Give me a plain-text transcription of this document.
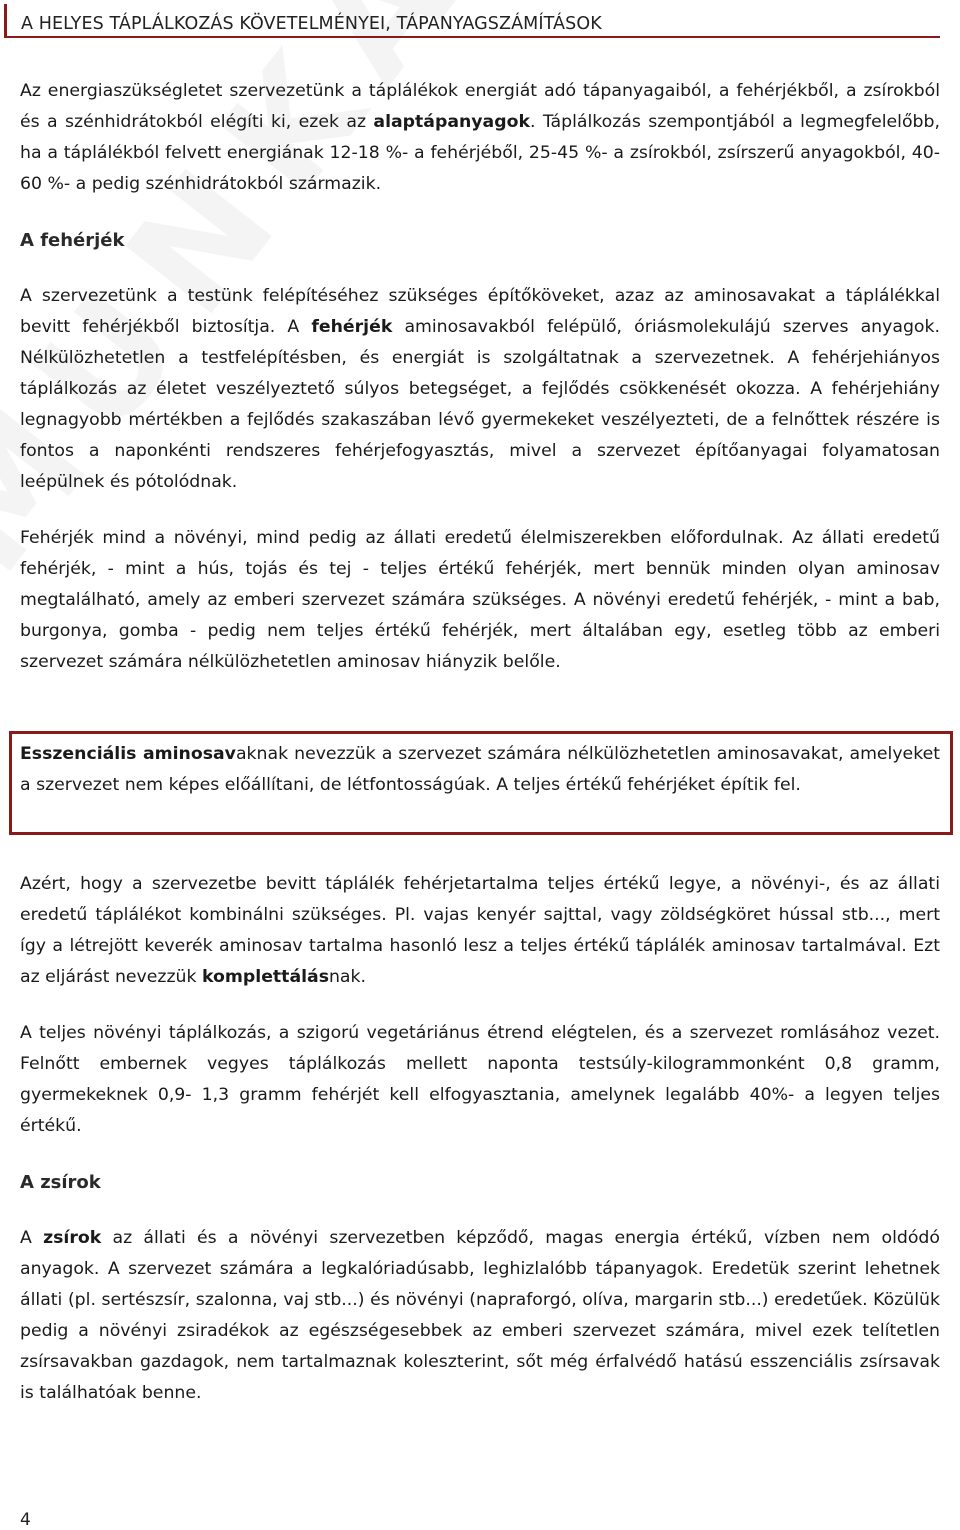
A HELYES TÁPLÁLKOZÁS KÖVETELMÉNYEI, TÁPANYAGSZÁMÍTÁSOK

Az energiaszükségletet szervezetünk a táplálékok energiát adó tápanyagaiból, a fehérjékből, a zsírokból és a szénhidrátokból elégíti ki, ezek az alaptápanyagok. Táplálkozás szempontjából a legmegfelelőbb, ha a táplálékból felvett energiának 12-18 %- a fehérjéből, 25-45 %- a zsírokból, zsírszerű anyagokból, 40-60 %- a pedig szénhidrátokból származik.

A fehérjék

A szervezetünk a testünk felépítéséhez szükséges építőköveket, azaz az aminosavakat a táplálékkal bevitt fehérjékből biztosítja. A fehérjék aminosavakból felépülő, óriásmolekulájú szerves anyagok. Nélkülözhetetlen a testfelépítésben, és energiát is szolgáltatnak a szervezetnek. A fehérjehiányos táplálkozás az életet veszélyeztető súlyos betegséget, a fejlődés csökkenését okozza. A fehérjehiány legnagyobb mértékben a fejlődés szakaszában lévő gyermekeket veszélyezteti, de a felnőttek részére is fontos a naponkénti rendszeres fehérjefogyasztás, mivel a szervezet építőanyagai folyamatosan leépülnek és pótolódnak.

Fehérjék mind a növényi, mind pedig az állati eredetű élelmiszerekben előfordulnak. Az állati eredetű fehérjék, - mint a hús, tojás és tej - teljes értékű fehérjék, mert bennük minden olyan aminosav megtalálható, amely az emberi szervezet számára szükséges. A növényi eredetű fehérjék, - mint a bab, burgonya, gomba - pedig nem teljes értékű fehérjék, mert általában egy, esetleg több az emberi szervezet számára nélkülözhetetlen aminosav hiányzik belőle.

Esszenciális aminosavaknak nevezzük a szervezet számára nélkülözhetetlen aminosavakat, amelyeket a szervezet nem képes előállítani, de létfontosságúak. A teljes értékű fehérjéket építik fel.

Azért, hogy a szervezetbe bevitt táplálék fehérjetartalma teljes értékű legye, a növényi-, és az állati eredetű táplálékot kombinálni szükséges. Pl. vajas kenyér sajttal, vagy zöldségköret hússal stb..., mert így a létrejött keverék aminosav tartalma hasonló lesz a teljes értékű táplálék aminosav tartalmával. Ezt az eljárást nevezzük komplettálásnak.

A teljes növényi táplálkozás, a szigorú vegetáriánus étrend elégtelen, és a szervezet romlásához vezet. Felnőtt embernek vegyes táplálkozás mellett naponta testsúly-kilogrammonként 0,8 gramm, gyermekeknek 0,9- 1,3 gramm fehérjét kell elfogyasztania, amelynek legalább 40%- a legyen teljes értékű.

A zsírok

A zsírok az állati és a növényi szervezetben képződő, magas energia értékű, vízben nem oldódó anyagok. A szervezet számára a legkalóriadúsabb, leghizlalóbb tápanyagok. Eredetük szerint lehetnek állati (pl. sertészsír, szalonna, vaj stb...) és növényi (napraforgó, olíva, margarin stb...) eredetűek. Közülük pedig a növényi zsiradékok az egészségesebbek az emberi szervezet számára, mivel ezek telítetlen zsírsavakban gazdagok, nem tartalmaznak koleszterint, sőt még érfalvédő hatású esszenciális zsírsavak is találhatóak benne.

4
